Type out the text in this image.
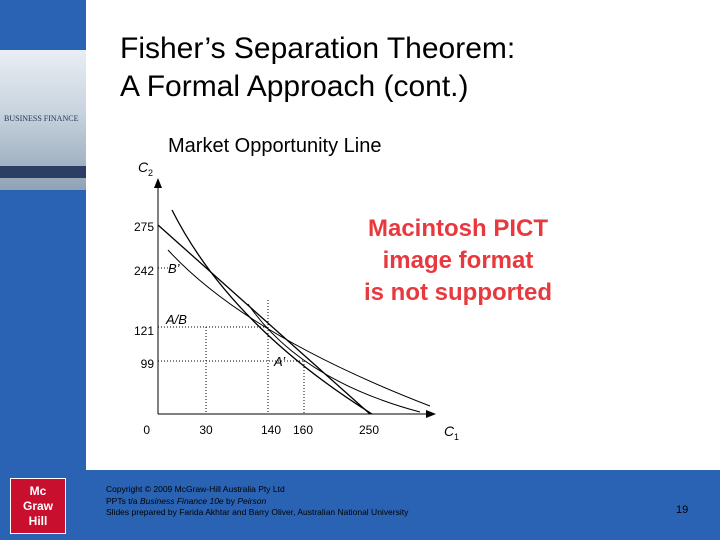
BUSINESS FINANCE
Mc
Graw
Hill
Fisher’s Separation Theorem:
A Formal Approach (cont.)
Market Opportunity Line
C 2
C 1
275
242
121
99
0	30	140 160	250
B’
A/B
A’
Macintosh PICT
image format
is not supported
Copyright © 2009 McGraw-Hill Australia Pty Ltd
PPTs t/a Business Finance 10e by Peirson
Slides prepared by Farida Akhtar and Barry Oliver, Australian National University	19
